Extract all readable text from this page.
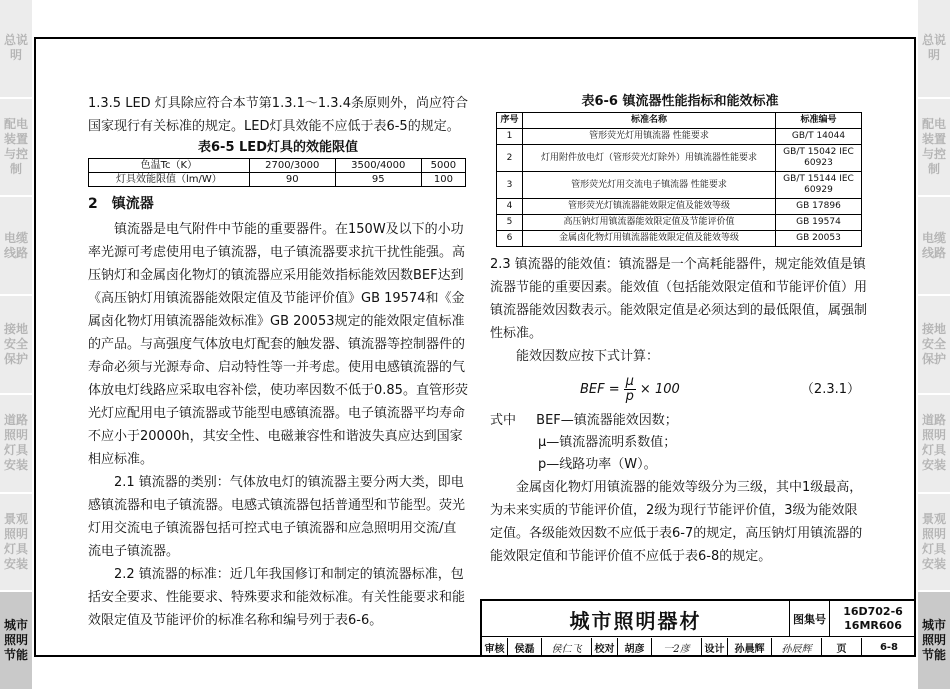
总说明
配电装置与控制
电缆线路
接地安全保护
道路照明灯具安装
景观照明灯具安装
城市照明节能
总说明
配电装置与控制
电缆线路
接地安全保护
道路照明灯具安装
景观照明灯具安装
城市照明节能

1.3.5 LED 灯具除应符合本节第1.3.1～1.3.4条原则外，尚应符合国家现行有关标准的规定。LED灯具效能不应低于表6-5的规定。

表6-5 LED灯具的效能限值
色温Tc（K）	2700/3000	3500/4000	5000
灯具效能限值（lm/W）	90	95	100
2　镇流器

镇流器是电气附件中节能的重要器件。在150W及以下的小功率光源可考虑使用电子镇流器，电子镇流器要求抗干扰性能强。高压钠灯和金属卤化物灯的镇流器应采用能效指标能效因数BEF达到《高压钠灯用镇流器能效限定值及节能评价值》GB 19574和《金属卤化物灯用镇流器能效标准》GB 20053规定的能效限定值标准的产品。与高强度气体放电灯配套的触发器、镇流器等控制器件的寿命必须与光源寿命、启动特性等一并考虑。使用电感镇流器的气体放电灯线路应采取电容补偿，使功率因数不低于0.85。直管形荧光灯应配用电子镇流器或节能型电感镇流器。电子镇流器平均寿命不应小于20000h，其安全性、电磁兼容性和谐波失真应达到国家相应标准。

2.1 镇流器的类别：气体放电灯的镇流器主要分两大类，即电感镇流器和电子镇流器。电感式镇流器包括普通型和节能型。荧光灯用交流电子镇流器包括可控式电子镇流器和应急照明用交流/直流电子镇流器。

2.2 镇流器的标准：近几年我国修订和制定的镇流器标准，包括安全要求、性能要求、特殊要求和能效标准。有关性能要求和能效限定值及节能评价的标准名称和编号列于表6-6。

表6-6 镇流器性能指标和能效标准
序号	标准名称	标准编号
1	管形荧光灯用镇流器 性能要求	GB/T 14044
2	灯用附件放电灯（管形荧光灯除外）用镇流器性能要求	GB/T 15042 IEC 60923
3	管形荧光灯用交流电子镇流器 性能要求	GB/T 15144 IEC 60929
4	管形荧光灯镇流器能效限定值及能效等级	GB 17896
5	高压钠灯用镇流器能效限定值及节能评价值	GB 19574
6	金属卤化物灯用镇流器能效限定值及能效等级	GB 20053

2.3 镇流器的能效值：镇流器是一个高耗能器件，规定能效值是镇流器节能的重要因素。能效值（包括能效限定值和节能评价值）用镇流器能效因数表示。能效限定值是必须达到的最低限值，属强制性标准。

能效因数应按下式计算：

BEF = $\frac{\mu}{p} \times 100$	（2.3.1）
式中 BEF—镇流器能效因数；
μ—镇流器流明系数值；
p—线路功率（W）。

金属卤化物灯用镇流器的能效等级分为三级，其中1级最高，为未来实质的节能评价值，2级为现行节能评价值，3级为能效限定值。各级能效因数不应低于表6-7的规定，高压钠灯用镇流器的能效限定值和节能评价值不应低于表6-8的规定。

城市照明器材	图集号
16D702-6
16MR606
审核	侯磊	侯仁飞	校对	胡彦	一2彦	设计	孙晨辉	孙辰辉	页	6-8
